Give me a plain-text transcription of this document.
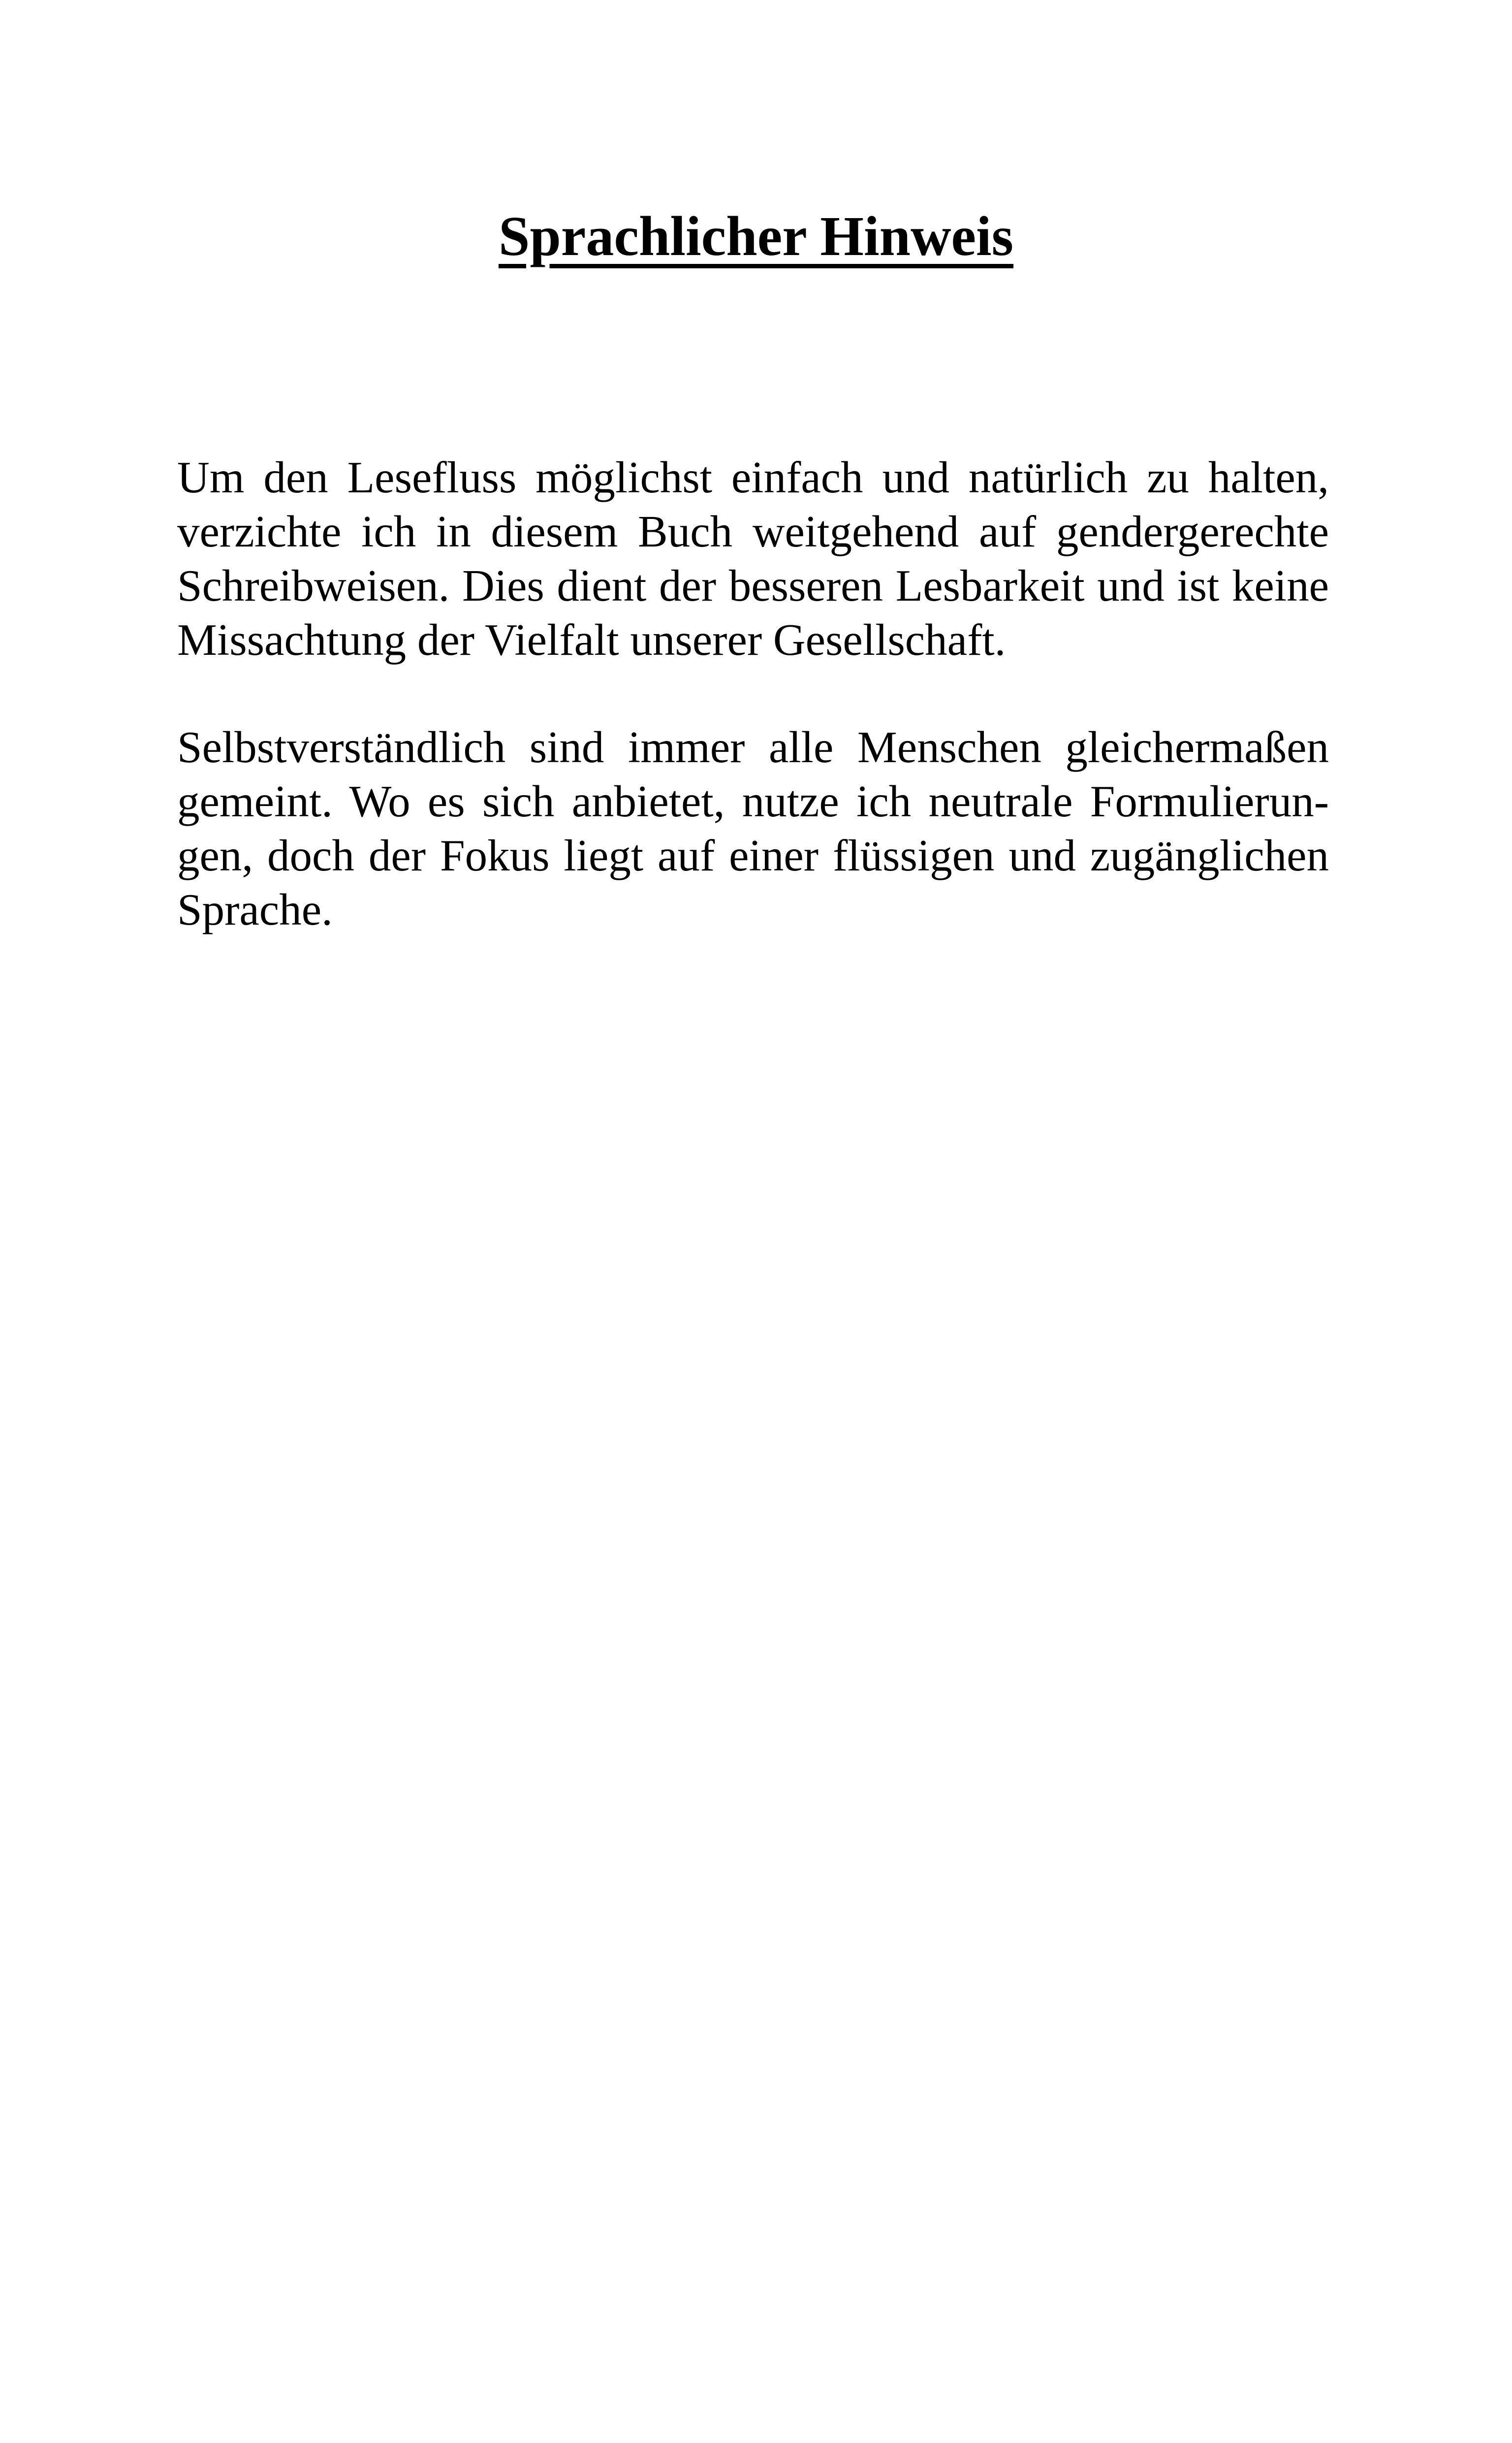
Sprachlicher Hinweis

Um den Lesefluss möglichst einfach und natürlich zu halten,
verzichte ich in diesem Buch weitgehend auf gendergerechte
Schreibweisen. Dies dient der besseren Lesbarkeit und ist keine
Missachtung der Vielfalt unserer Gesellschaft.

Selbstverständlich sind immer alle Menschen gleichermaßen
gemeint. Wo es sich anbietet, nutze ich neutrale Formulierun-
gen, doch der Fokus liegt auf einer flüssigen und zugänglichen
Sprache.
